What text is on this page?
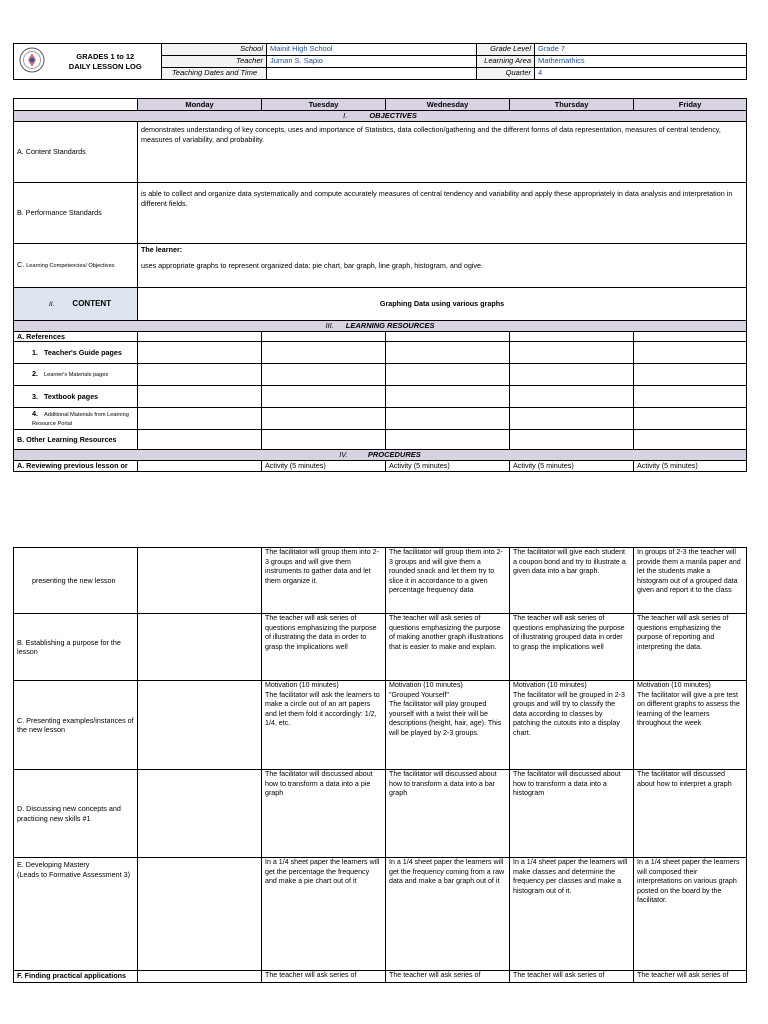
GRADES 1 to 12
DAILY LESSON LOG	School	Mainit High School	Grade Level	Grade 7
		Teacher	Jumari S. Sapio	Learning Area	Mathemathics
		Teaching Dates and Time		Quarter	4
	Monday	Tuesday	Wednesday	Thursday	Friday
I. OBJECTIVES					
A. Content Standards	demonstrates understanding of key concepts, uses and importance of Statistics, data collection/gathering and the different forms of data representation, measures of central tendency, measures of variability, and probability.				
B. Performance Standards	is able to collect and organize data systematically and compute accurately measures of central tendency and variability and apply these appropriately in data analysis and interpretation in different fields.				
C. Learning Competencies/ Objectives	The learner:
uses appropriate graphs to represent organized data: pie chart, bar graph, line graph, histogram, and ogive.				

II. CONTENT	Graphing Data using various graphs				
III. LEARNING RESOURCES					
A. References					
1. Teacher's Guide pages					
2. Learner's Materials pages					
3. Textbook pages					
4. Additional Materials from Learning Resource Portal					
B. Other Learning Resources					
IV. PROCEDURES					
A. Reviewing previous lesson or		Activity (5 minutes)	Activity (5 minutes)	Activity (5 minutes)	Activity (5 minutes)
presenting the new lesson		The facilitator will group them into 2-3 groups and will give them instruments to gather data and let them organize it.	The facilitator will group them into 2-3 groups and will give them a rounded snack and let them try to slice it in accordance to a given percentage frequency data	The facilitator will give each student a coupon bond and try to illustrate a given data into a bar graph.	In groups of 2-3 the teacher will provide them a manila paper and let the students make a histogram out of a grouped data given and report it to the class
B. Establishing a purpose for the lesson		The teacher will ask series of questions emphasizing the purpose of illustrating the data in order to grasp the implications well	The teacher will ask series of questions emphasizing the purpose of making another graph illustrations that is easier to make and explain.	The teacher will ask series of questions emphasizing the purpose of illustrating grouped data in order to grasp the implications well	The teacher will ask series of questions emphasizing the purpose of reporting and interpreting the data.
C. Presenting examples/instances of the new lesson		Motivation (10 minutes)
The facilitator will ask the learners to make a circle out of an art papers and let them fold it accordingly: 1/2, 1/4, etc.	Motivation (10 minutes)
"Grouped Yourself"
The facilitator will play grouped yourself with a twist their will be descriptions (height, hair, age). This will be played by 2-3 groups.	Motivation (10 minutes)
The facilitator will be grouped in 2-3 groups and will try to classify the data according to classes by patching the cutouts into a display chart.	Motivation (10 minutes)
The facilitator will give a pre test on different graphs to assess the learning of the learners throughout the week
D. Discussing new concepts and practicing new skills #1		The facilitator will discussed about how to transform a data into a pie graph	The facilitator will discussed about how to transform a data into a bar graph	The facilitator will discussed about how to transform a data into a histogram	The facilitator will discussed about how to interpret a graph
E. Developing Mastery
(Leads to Formative Assessment 3)		In a 1/4 sheet paper the learners will get the percentage the frequency and make a pie chart out of it	In a 1/4 sheet paper the learners will get the frequency coming from a raw data and make a bar graph out of it	In a 1/4 sheet paper the learners will make classes and determine the frequency per classes and make a histogram out of it.	In a 1/4 sheet paper the learners will composed their interpretations on various graph posted on the board by the facilitator.
F. Finding practical applications		The teacher will ask series of	The teacher will ask series of	The teacher will ask series of	The teacher will ask series of
